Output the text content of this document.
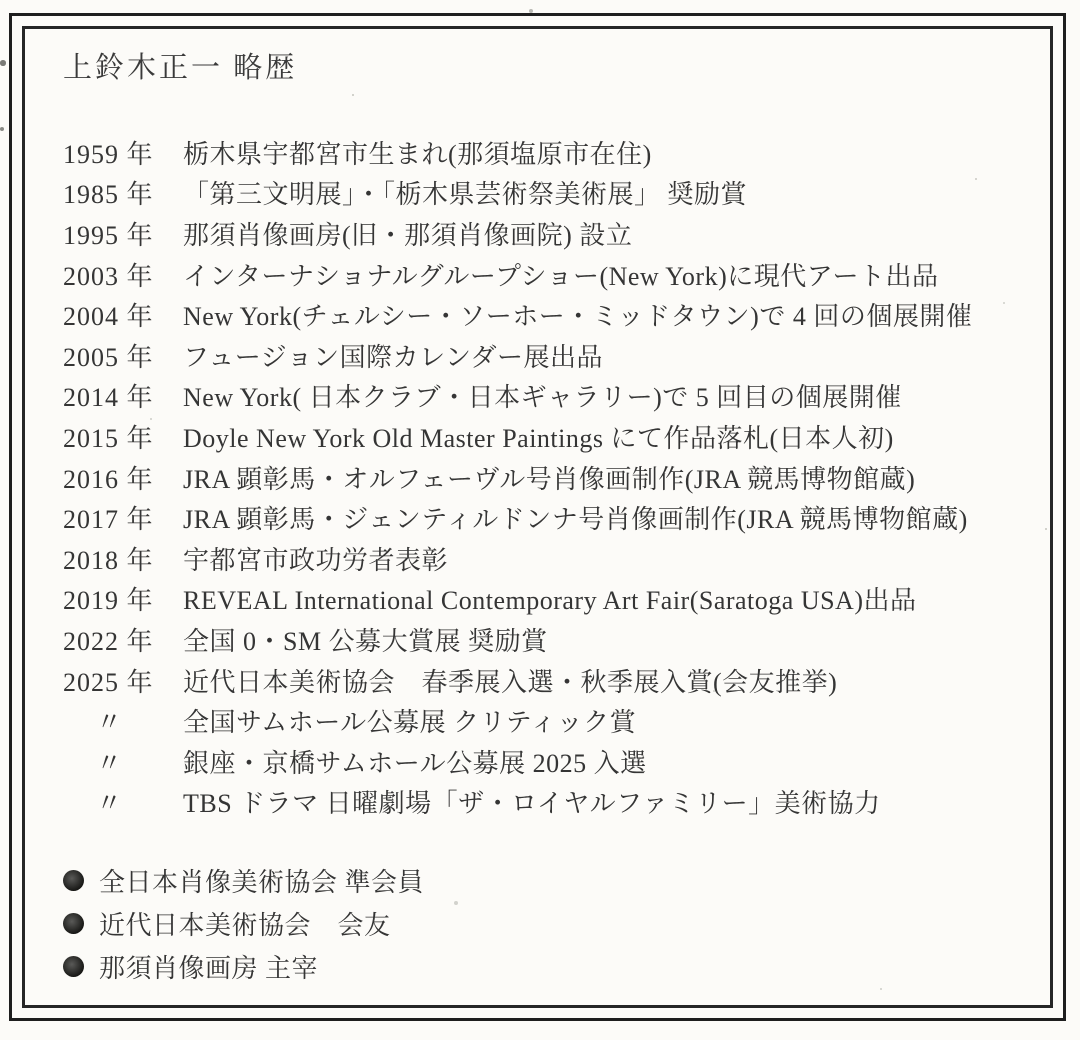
上鈴木正一 略歴
1959 年	栃木県宇都宮市生まれ(那須塩原市在住)
1985 年	「第三文明展」・「栃木県芸術祭美術展」 奨励賞
1995 年	那須肖像画房(旧・那須肖像画院) 設立
2003 年	インターナショナルグループショー(New York)に現代アート出品
2004 年	New York(チェルシー・ソーホー・ミッドタウン)で 4 回の個展開催
2005 年	フュージョン国際カレンダー展出品
2014 年	New York( 日本クラブ・日本ギャラリー)で 5 回目の個展開催
2015 年	Doyle New York Old Master Paintings にて作品落札(日本人初)
2016 年	JRA 顕彰馬・オルフェーヴル号肖像画制作(JRA 競馬博物館蔵)
2017 年	JRA 顕彰馬・ジェンティルドンナ号肖像画制作(JRA 競馬博物館蔵)
2018 年	宇都宮市政功労者表彰
2019 年	REVEAL International Contemporary Art Fair(Saratoga USA)出品
2022 年	全国 0・SM 公募大賞展 奨励賞
2025 年	近代日本美術協会　春季展入選・秋季展入賞(会友推挙)
〃	全国サムホール公募展 クリティック賞
〃	銀座・京橋サムホール公募展 2025 入選
〃	TBS ドラマ 日曜劇場「ザ・ロイヤルファミリー」美術協力
全日本肖像美術協会 準会員
近代日本美術協会　会友
那須肖像画房 主宰
